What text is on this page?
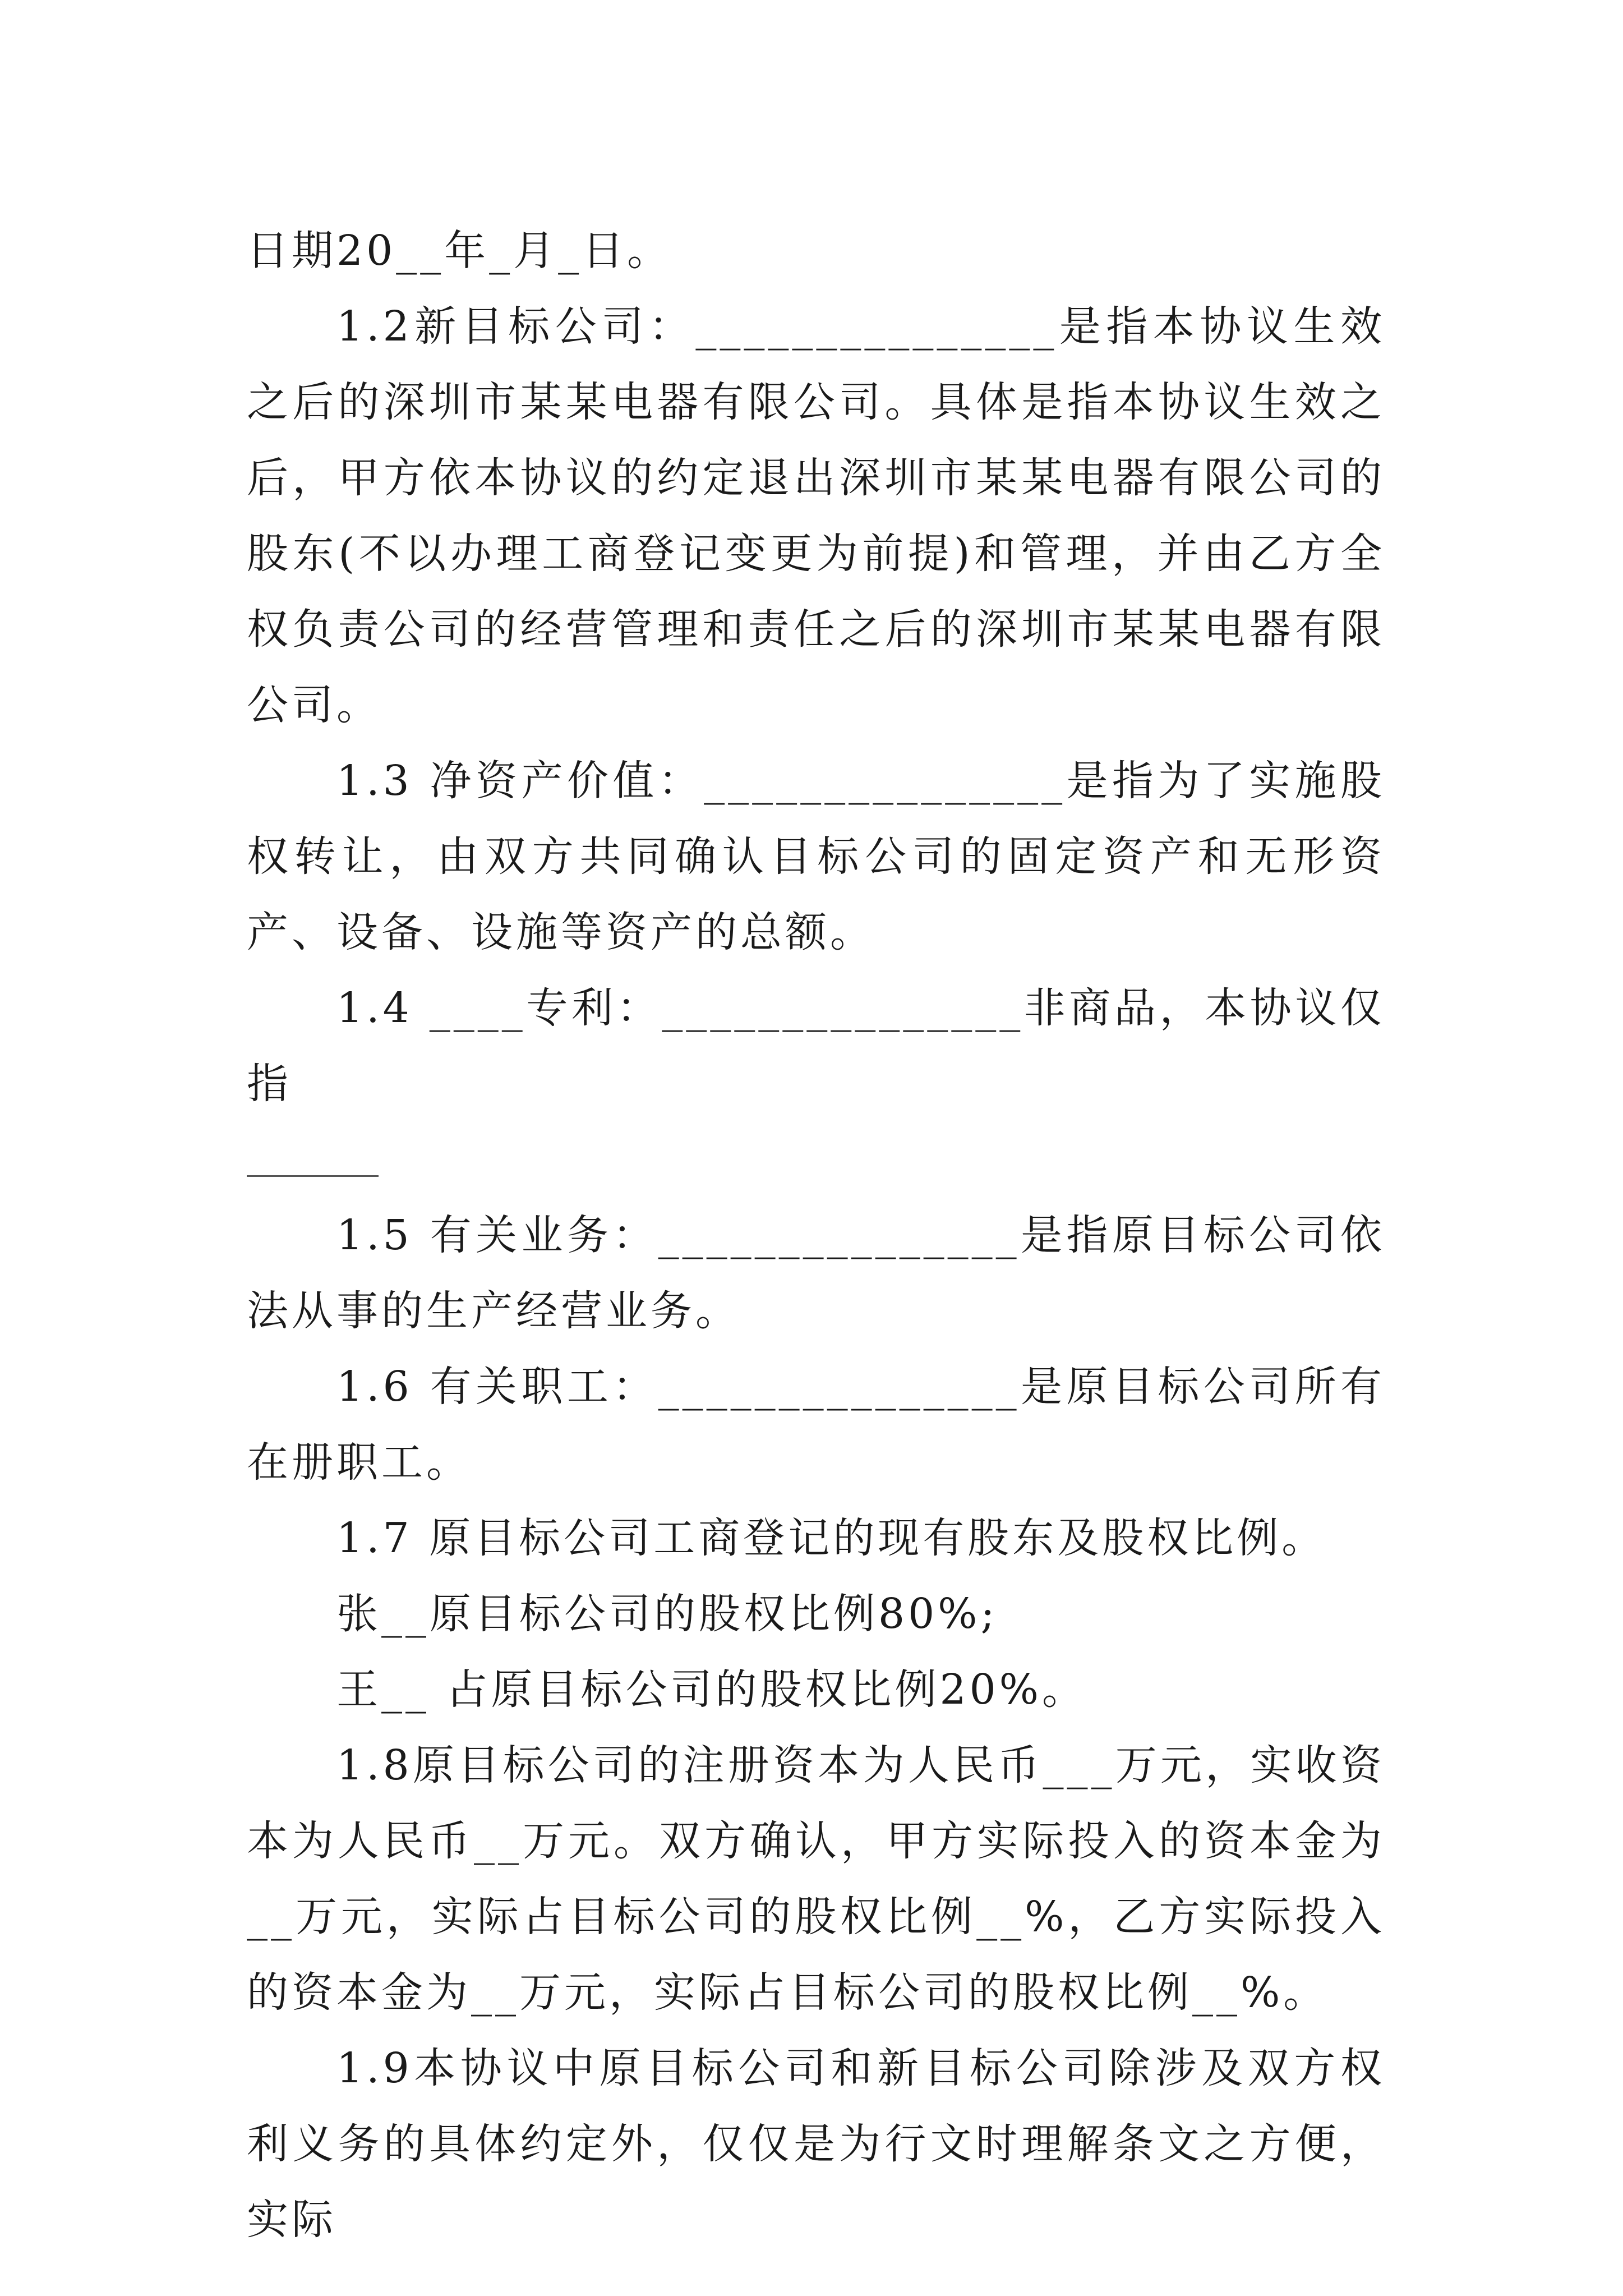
日期20__年_月_日。

1.2新目标公司：_______________是指本协议生效之后的深圳市某某电器有限公司。具体是指本协议生效之后，甲方依本协议的约定退出深圳市某某电器有限公司的股东(不以办理工商登记变更为前提)和管理，并由乙方全权负责公司的经营管理和责任之后的深圳市某某电器有限公司。

1.3 净资产价值：_______________是指为了实施股权转让，由双方共同确认目标公司的固定资产和无形资产、设备、设施等资产的总额。

1.4 ____专利：_______________非商品，本协议仅指

1.5 有关业务：_______________是指原目标公司依法从事的生产经营业务。

1.6 有关职工：_______________是原目标公司所有在册职工。

1.7 原目标公司工商登记的现有股东及股权比例。

张__原目标公司的股权比例80%;

王__ 占原目标公司的股权比例20%。

1.8原目标公司的注册资本为人民币___万元，实收资本为人民币__万元。双方确认，甲方实际投入的资本金为__万元，实际占目标公司的股权比例__%，乙方实际投入的资本金为__万元，实际占目标公司的股权比例__%。

1.9本协议中原目标公司和新目标公司除涉及双方权利义务的具体约定外，仅仅是为行文时理解条文之方便，实际
